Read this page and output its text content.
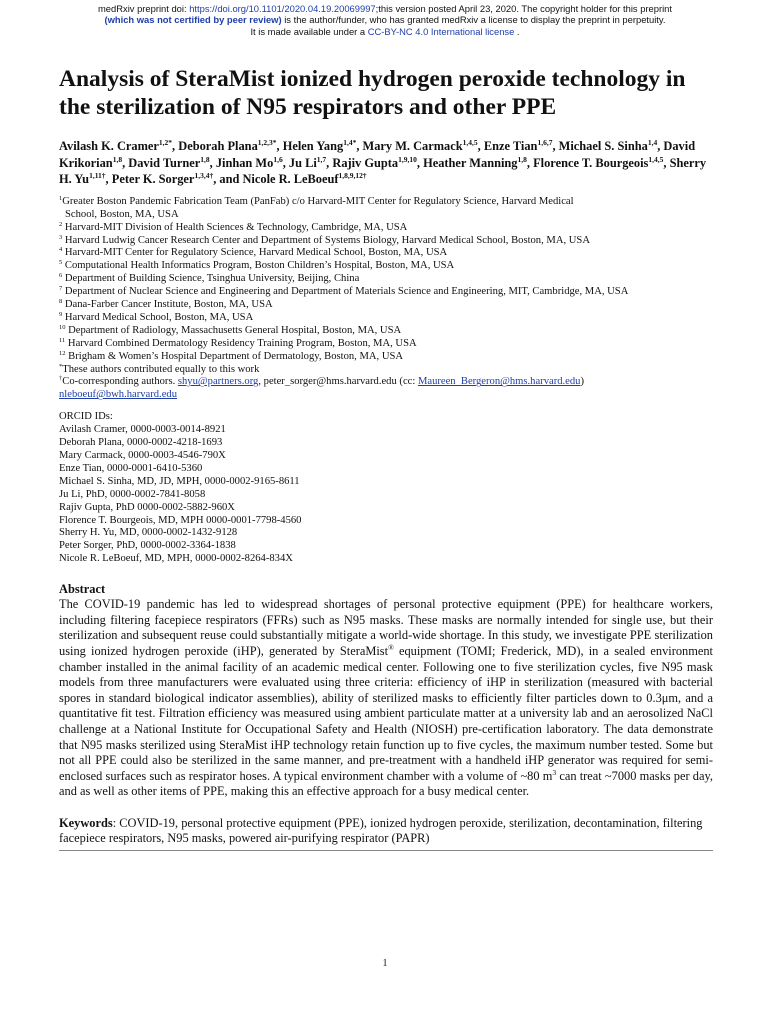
medRxiv preprint doi: https://doi.org/10.1101/2020.04.19.20069997;this version posted April 23, 2020. The copyright holder for this preprint
(which was not certified by peer review) is the author/funder, who has granted medRxiv a license to display the preprint in perpetuity.
It is made available under a CC-BY-NC 4.0 International license .
Analysis of SteraMist ionized hydrogen peroxide technology in the sterilization of N95 respirators and other PPE
Avilash K. Cramer$^{1,2*}$, Deborah Plana$^{1,2,3*}$, Helen Yang$^{1,4*}$, Mary M. Carmack$^{1,4,5}$, Enze Tian$^{1,6,7}$, Michael S. Sinha$^{1,4}$, David Krikorian$^{1,8}$, David Turner$^{1,8}$, Jinhan Mo$^{1,6}$, Ju Li$^{1,7}$, Rajiv Gupta$^{1,9,10}$, Heather Manning$^{1,8}$, Florence T. Bourgeois$^{1,4,5}$, Sherry H. $Yu^{1,11\dagger}$, Peter K. Sorger$^{1,3,4\dagger}$, and Nicole R. LeBoeuf$^{1,8,9,12\dagger}$
$^1$Greater Boston Pandemic Fabrication Team (PanFab) c/o Harvard-MIT Center for Regulatory Science, Harvard Medical
School, Boston, MA, USA
$^2$ Harvard-MIT Division of Health Sciences & Technology, Cambridge, MA, USA
$^3$ Harvard Ludwig Cancer Research Center and Department of Systems Biology, Harvard Medical School, Boston, MA, USA
$^4$ Harvard-MIT Center for Regulatory Science, Harvard Medical School, Boston, MA, USA
$^5$ Computational Health Informatics Program, Boston Children’s Hospital, Boston, MA, USA
$^6$ Department of Building Science, Tsinghua University, Beijing, China
$^7$ Department of Nuclear Science and Engineering and Department of Materials Science and Engineering, MIT, Cambridge, MA, USA
$^8$ Dana-Farber Cancer Institute, Boston, MA, USA
$^9$ Harvard Medical School, Boston, MA, USA
$^{10}$ Department of Radiology, Massachusetts General Hospital, Boston, MA, USA
$^{11}$ Harvard Combined Dermatology Residency Training Program, Boston, MA, USA
$^{12}$ Brigham & Women’s Hospital Department of Dermatology, Boston, MA, USA
*These authors contributed equally to this work
†Co-corresponding authors. shyu@partners.org, peter_sorger@hms.harvard.edu (cc: Maureen_Bergeron@hms.harvard.edu)
nleboeuf@bwh.harvard.edu
ORCID IDs:
Avilash Cramer, 0000-0003-0014-8921
Deborah Plana, 0000-0002-4218-1693
Mary Carmack, 0000-0003-4546-790X
Enze Tian, 0000-0001-6410-5360
Michael S. Sinha, MD, JD, MPH, 0000-0002-9165-8611
Ju Li, PhD, 0000-0002-7841-8058
Rajiv Gupta, PhD 0000-0002-5882-960X
Florence T. Bourgeois, MD, MPH 0000-0001-7798-4560
Sherry H. Yu, MD, 0000-0002-1432-9128
Peter Sorger, PhD, 0000-0002-3364-1838
Nicole R. LeBoeuf, MD, MPH, 0000-0002-8264-834X
Abstract

The COVID-19 pandemic has led to widespread shortages of personal protective equipment (PPE) for healthcare workers, including filtering facepiece respirators (FFRs) such as N95 masks. These masks are normally intended for single use, but their sterilization and subsequent reuse could substantially mitigate a world-wide shortage. In this study, we investigate PPE sterilization using ionized hydrogen peroxide (iHP), generated by SteraMist® equipment (TOMI; Frederick, MD), in a sealed environment chamber installed in the animal facility of an academic medical center. Following one to five sterilization cycles, five N95 mask models from three manufacturers were evaluated using three criteria: efficiency of iHP in sterilization (measured with bacterial spores in standard biological indicator assemblies), ability of sterilized masks to efficiently filter particles down to 0.3μm, and a quantitative fit test. Filtration efficiency was measured using ambient particulate matter at a university lab and an aerosolized NaCl challenge at a National Institute for Occupational Safety and Health (NIOSH) pre-certification laboratory. The data demonstrate that N95 masks sterilized using SteraMist iHP technology retain function up to five cycles, the maximum number tested. Some but not all PPE could also be sterilized in the same manner, and pre-treatment with a handheld iHP generator was required for semi-enclosed surfaces such as respirator hoses. A typical environment chamber with a volume of ~80 $m^3$ can treat ~7000 masks per day, and as well as other items of PPE, making this an effective approach for a busy medical center.

Keywords: COVID-19, personal protective equipment (PPE), ionized hydrogen peroxide, sterilization, decontamination, filtering facepiece respirators, N95 masks, powered air-purifying respirator (PAPR)
1
